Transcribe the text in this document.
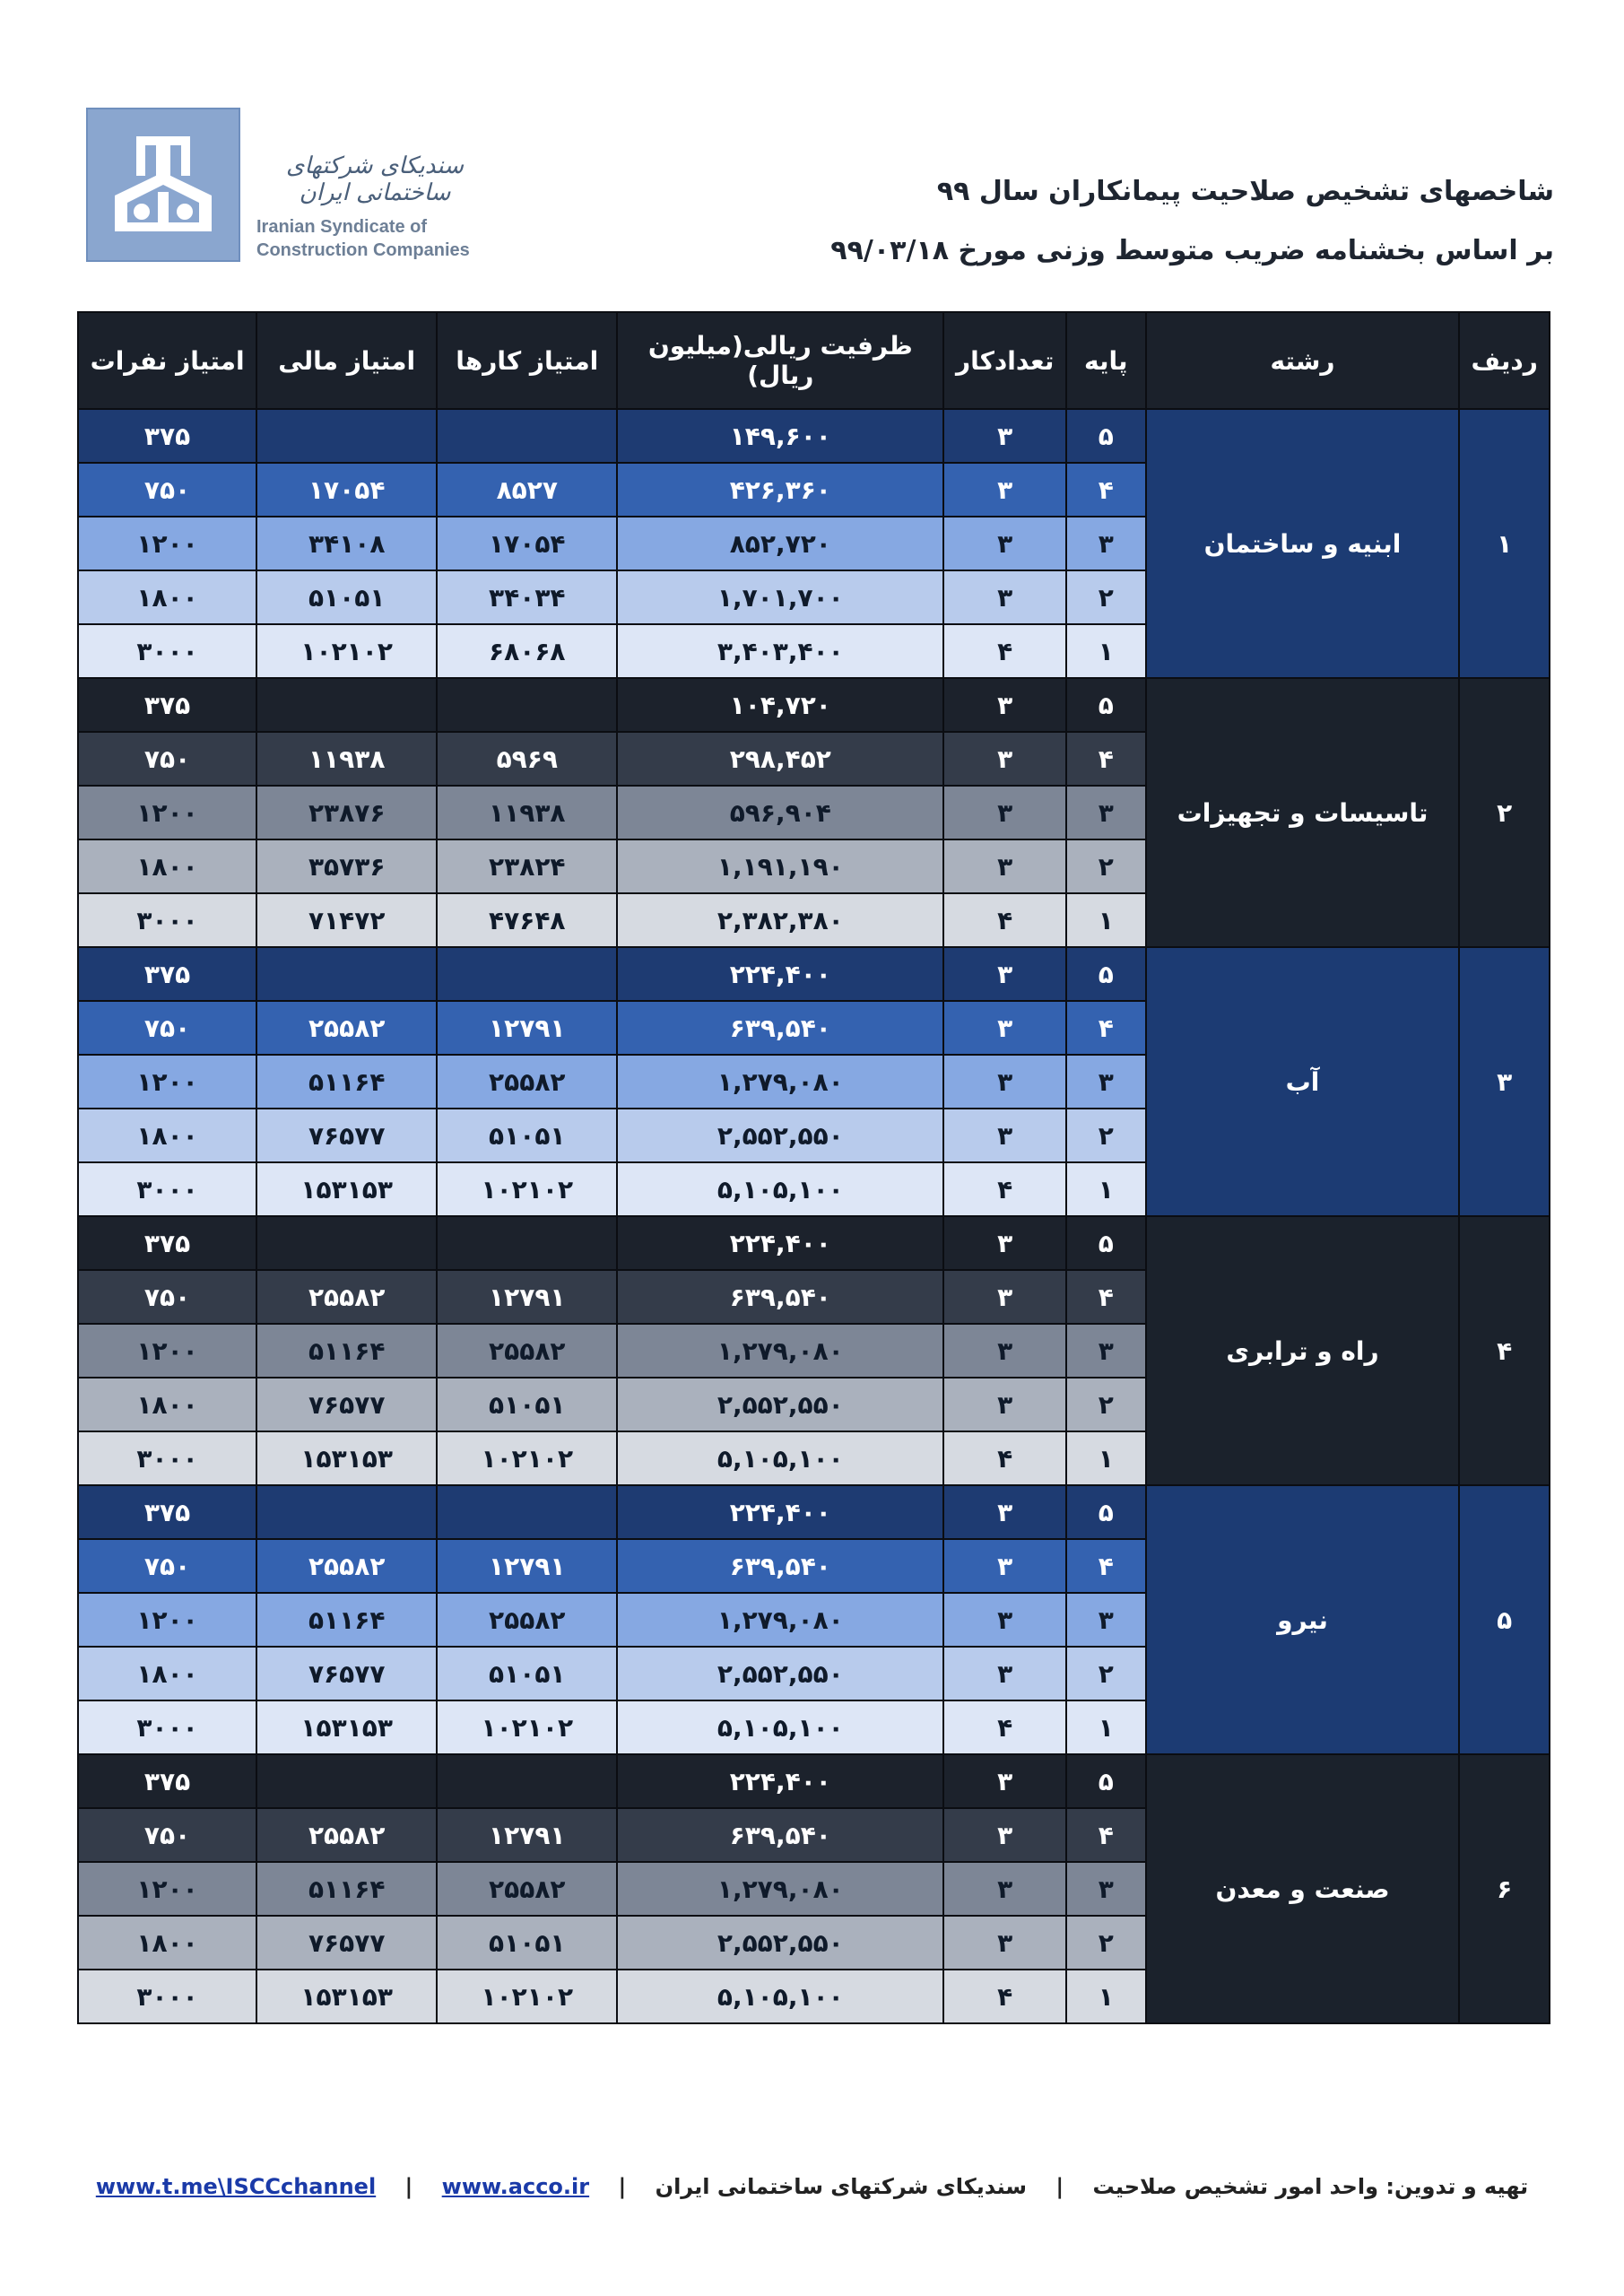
سندیکای شرکتهای ساختمانی ایران
Iranian Syndicate of
Construction Companies
شاخصهای تشخیص صلاحیت پیمانکاران سال ۹۹
بر اساس بخشنامه ضریب متوسط وزنی مورخ ۹۹/۰۳/۱۸
ردیف	رشته	پایه	تعدادکار	ظرفیت ریالی(میلیون ریال)	امتیاز کارها	امتیاز مالی	امتیاز نفرات
۱	ابنیه و ساختمان	۵	۳	۱۴۹,۶۰۰			۳۷۵
		۴	۳	۴۲۶,۳۶۰	۸۵۲۷	۱۷۰۵۴	۷۵۰
		۳	۳	۸۵۲,۷۲۰	۱۷۰۵۴	۳۴۱۰۸	۱۲۰۰
		۲	۳	۱,۷۰۱,۷۰۰	۳۴۰۳۴	۵۱۰۵۱	۱۸۰۰
		۱	۴	۳,۴۰۳,۴۰۰	۶۸۰۶۸	۱۰۲۱۰۲	۳۰۰۰
۲	تاسیسات و تجهیزات	۵	۳	۱۰۴,۷۲۰			۳۷۵
		۴	۳	۲۹۸,۴۵۲	۵۹۶۹	۱۱۹۳۸	۷۵۰
		۳	۳	۵۹۶,۹۰۴	۱۱۹۳۸	۲۳۸۷۶	۱۲۰۰
		۲	۳	۱,۱۹۱,۱۹۰	۲۳۸۲۴	۳۵۷۳۶	۱۸۰۰
		۱	۴	۲,۳۸۲,۳۸۰	۴۷۶۴۸	۷۱۴۷۲	۳۰۰۰
۳	آب	۵	۳	۲۲۴,۴۰۰			۳۷۵
		۴	۳	۶۳۹,۵۴۰	۱۲۷۹۱	۲۵۵۸۲	۷۵۰
		۳	۳	۱,۲۷۹,۰۸۰	۲۵۵۸۲	۵۱۱۶۴	۱۲۰۰
		۲	۳	۲,۵۵۲,۵۵۰	۵۱۰۵۱	۷۶۵۷۷	۱۸۰۰
		۱	۴	۵,۱۰۵,۱۰۰	۱۰۲۱۰۲	۱۵۳۱۵۳	۳۰۰۰
۴	راه و ترابری	۵	۳	۲۲۴,۴۰۰			۳۷۵
		۴	۳	۶۳۹,۵۴۰	۱۲۷۹۱	۲۵۵۸۲	۷۵۰
		۳	۳	۱,۲۷۹,۰۸۰	۲۵۵۸۲	۵۱۱۶۴	۱۲۰۰
		۲	۳	۲,۵۵۲,۵۵۰	۵۱۰۵۱	۷۶۵۷۷	۱۸۰۰
		۱	۴	۵,۱۰۵,۱۰۰	۱۰۲۱۰۲	۱۵۳۱۵۳	۳۰۰۰
۵	نیرو	۵	۳	۲۲۴,۴۰۰			۳۷۵
		۴	۳	۶۳۹,۵۴۰	۱۲۷۹۱	۲۵۵۸۲	۷۵۰
		۳	۳	۱,۲۷۹,۰۸۰	۲۵۵۸۲	۵۱۱۶۴	۱۲۰۰
		۲	۳	۲,۵۵۲,۵۵۰	۵۱۰۵۱	۷۶۵۷۷	۱۸۰۰
		۱	۴	۵,۱۰۵,۱۰۰	۱۰۲۱۰۲	۱۵۳۱۵۳	۳۰۰۰
۶	صنعت و معدن	۵	۳	۲۲۴,۴۰۰			۳۷۵
		۴	۳	۶۳۹,۵۴۰	۱۲۷۹۱	۲۵۵۸۲	۷۵۰
		۳	۳	۱,۲۷۹,۰۸۰	۲۵۵۸۲	۵۱۱۶۴	۱۲۰۰
		۲	۳	۲,۵۵۲,۵۵۰	۵۱۰۵۱	۷۶۵۷۷	۱۸۰۰
		۱	۴	۵,۱۰۵,۱۰۰	۱۰۲۱۰۲	۱۵۳۱۵۳	۳۰۰۰
تهیه و تدوین: واحد امور تشخیص صلاحیت | سندیکای شرکتهای ساختمانی ایران | www.t.me\ISCCchannel | www.acco.ir
